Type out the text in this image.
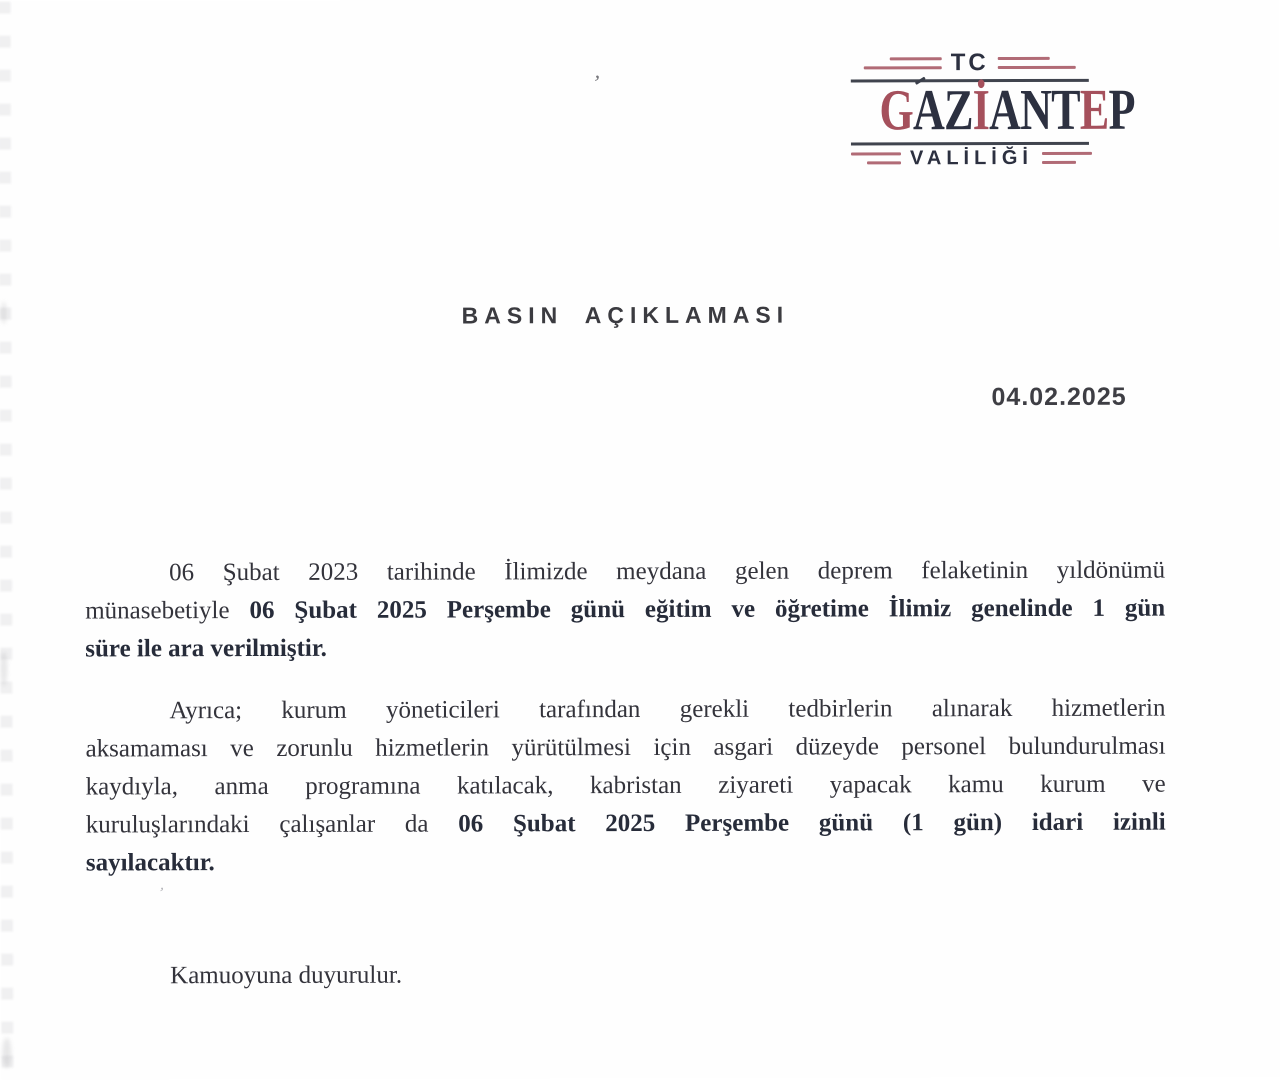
TC
GAZİANTEP
VALİLİĞİ
BASIN AÇIKLAMASI
04.02.2025
06 Şubat 2023 tarihinde İlimizde meydana gelen deprem felaketinin yıldönümü
münasebetiyle 06 Şubat 2025 Perşembe günü eğitim ve öğretime İlimiz genelinde 1 gün
süre ile ara verilmiştir.
Ayrıca; kurum yöneticileri tarafından gerekli tedbirlerin alınarak hizmetlerin
aksamaması ve zorunlu hizmetlerin yürütülmesi için asgari düzeyde personel bulundurulması
kaydıyla, anma programına katılacak, kabristan ziyareti yapacak kamu kurum ve
kuruluşlarındaki çalışanlar da 06 Şubat 2025 Perşembe günü (1 gün) idari izinli
sayılacaktır.
Kamuoyuna duyurulur.
’
,
